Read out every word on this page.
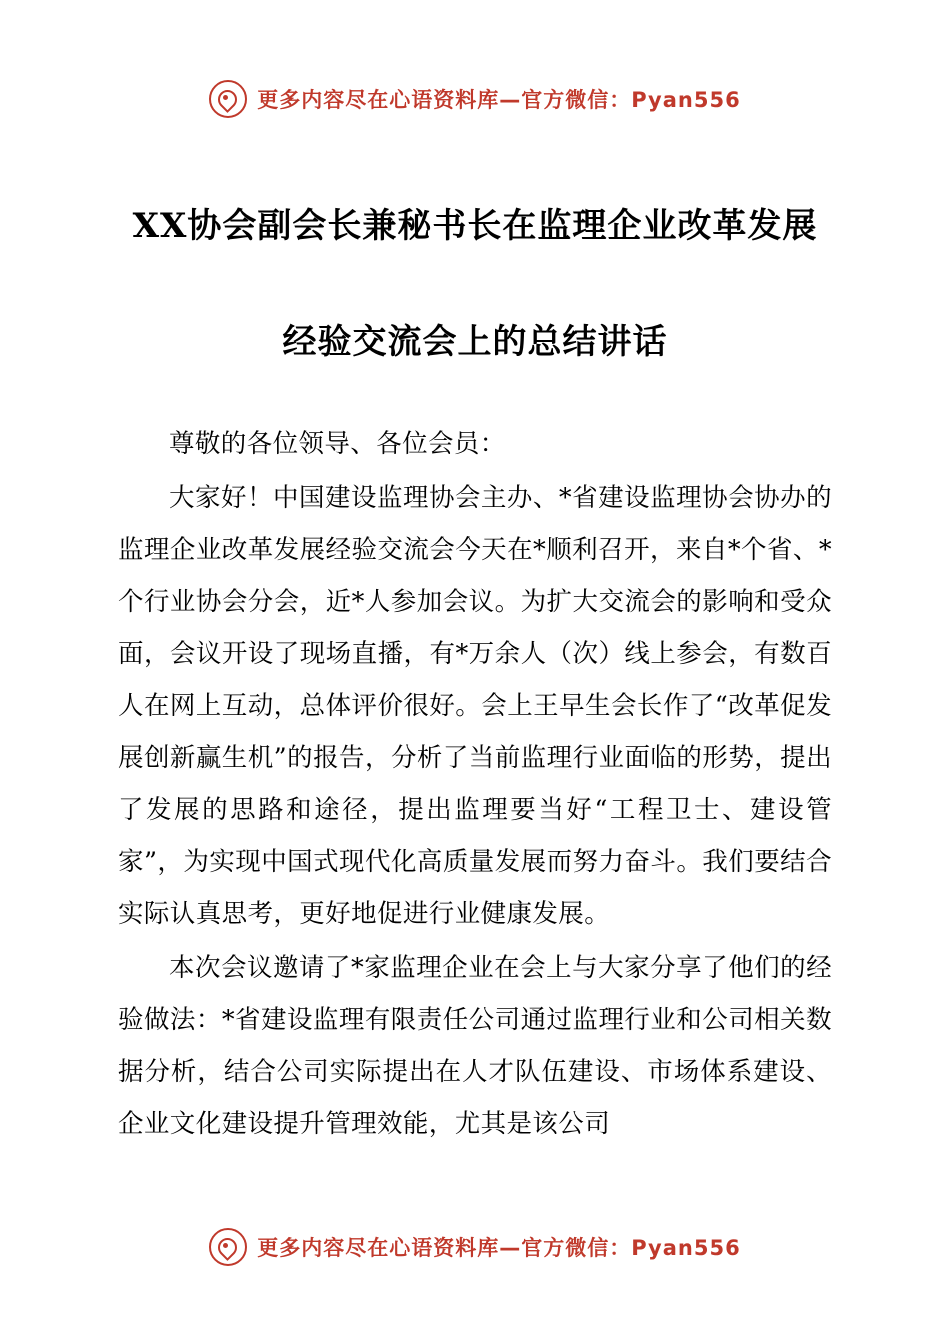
更多内容尽在心语资料库—官方微信：Pyan556
XX协会副会长兼秘书长在监理企业改革发展经验交流会上的总结讲话

尊敬的各位领导、各位会员：

大家好！中国建设监理协会主办、*省建设监理协会协办的监理企业改革发展经验交流会今天在*顺利召开，来自*个省、*个行业协会分会，近*人参加会议。为扩大交流会的影响和受众面，会议开设了现场直播，有*万余人（次）线上参会，有数百人在网上互动，总体评价很好。会上王早生会长作了“改革促发展创新赢生机”的报告，分析了当前监理行业面临的形势，提出了发展的思路和途径，提出监理要当好“工程卫士、建设管家”，为实现中国式现代化高质量发展而努力奋斗。我们要结合实际认真思考，更好地促进行业健康发展。

本次会议邀请了*家监理企业在会上与大家分享了他们的经验做法：*省建设监理有限责任公司通过监理行业和公司相关数据分析，结合公司实际提出在人才队伍建设、市场体系建设、企业文化建设提升管理效能，尤其是该公司

更多内容尽在心语资料库—官方微信：Pyan556
